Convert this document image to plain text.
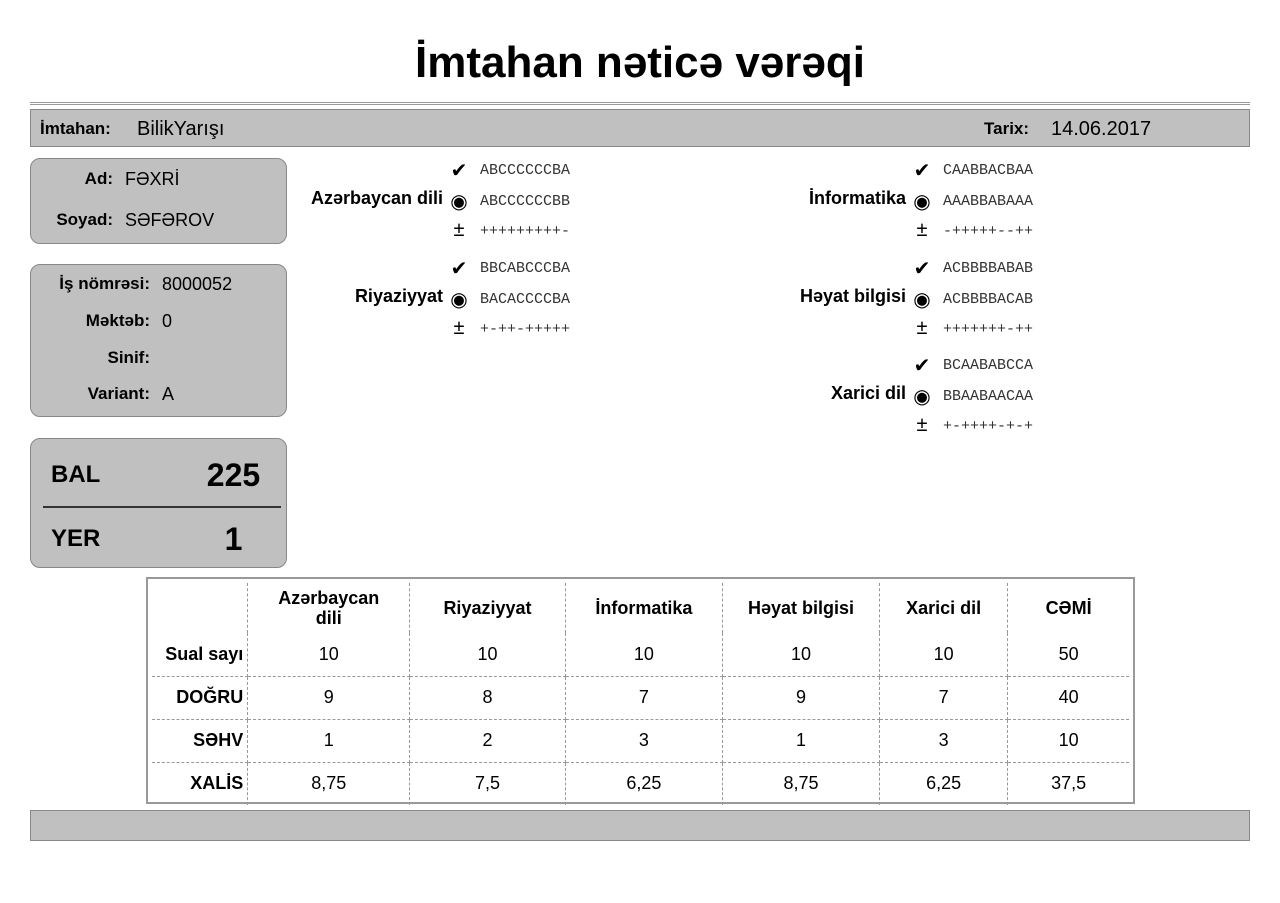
İmtahan nəticə vərəqi
İmtahan: BilikYarışı	Tarix: 14.06.2017
Ad: FƏXRİ
Soyad: SƏFƏROV
İş nömrəsi: 8000052
Məktəb: 0
Sinif:
Variant: A
BAL	225
YER	1
✔ ABCCCCCCBA
Azərbaycan dili ◉ ABCCCCCCBB
±	+++++++++-
✔ BBCABCCCBA
Riyaziyyat ◉ BACACCCCBA
±	+-++-+++++
✔ CAABBACBAA
İnformatika ◉ AAABBABAAA
±	-+++++--++
✔ ACBBBBABAB
Həyat bilgisi ◉ ACBBBBACAB
±	+++++++-++
✔ BCAABABCCA
Xarici dil ◉ BBAABAACAA
±	+-++++-+-+
	Azərbaycan dili	Riyaziyyat	İnformatika	Həyat bilgisi	Xarici dil	CƏMİ
Sual sayı	10	10	10	10	10	50
DOĞRU	9	8	7	9	7	40
SƏHV	1	2	3	1	3	10
XALİS	8,75	7,5	6,25	8,75	6,25	37,5
